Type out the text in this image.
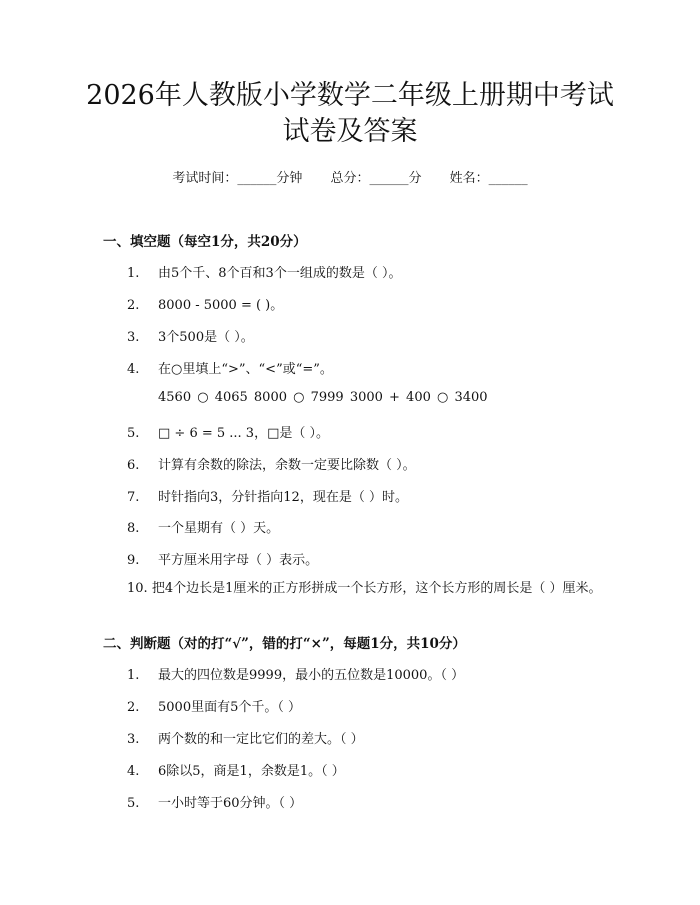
2026年人教版小学数学二年级上册期中考试
试卷及答案
考试时间：______分钟 总分：______分 姓名：______
一、填空题（每空1分，共20分）
1. 由5个千、8个百和3个一组成的数是（ ）。
2. 8000 - 5000 = ( )。
3. 3个500是（ ）。
4. 在○里填上“>”、“<”或“=”。
4560 ○ 4065 8000 ○ 7999 3000 + 400 ○ 3400
5. □ ÷ 6 = 5 ... 3，□是（ ）。
6. 计算有余数的除法，余数一定要比除数（ ）。
7. 时针指向3，分针指向12，现在是（ ）时。
8. 一个星期有（ ）天。
9. 平方厘米用字母（ ）表示。
10. 把4个边长是1厘米的正方形拼成一个长方形，这个长方形的周长是（ ）厘米。
二、判断题（对的打“√”，错的打“×”，每题1分，共10分）
1. 最大的四位数是9999，最小的五位数是10000。（ ）
2. 5000里面有5个千。（ ）
3. 两个数的和一定比它们的差大。（ ）
4. 6除以5，商是1，余数是1。（ ）
5. 一小时等于60分钟。（ ）
